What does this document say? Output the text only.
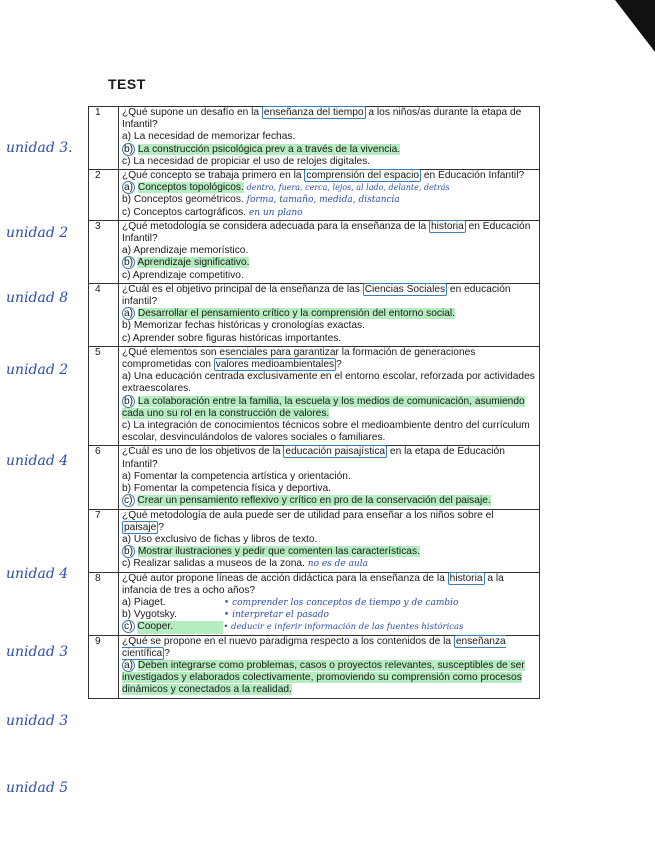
TEST
unidad 3.
unidad 2
unidad 8
unidad 2
unidad 4
unidad 4
unidad 3
unidad 3
unidad 5
1	¿Qué supone un desafío en la enseñanza del tiempo a los niños/as durante la etapa de Infantil?
a) La necesidad de memorizar fechas.
b) La construcción psicológica prev a a través de la vivencia.
c) La necesidad de propiciar el uso de relojes digitales.

2	¿Qué concepto se trabaja primero en la comprensión del espacio en Educación Infantil?
a) Conceptos topológicos. dentro, fuera, cerca, lejos, al lado, delante, detrás
b) Conceptos geométricos. forma, tamaño, medida, distancia
c) Conceptos cartográficos. en un plano

3	¿Qué metodología se considera adecuada para la enseñanza de la historia en Educación Infantil?
a) Aprendizaje memorístico.
b) Aprendizaje significativo.
c) Aprendizaje competitivo.

4	¿Cuál es el objetivo principal de la enseñanza de las Ciencias Sociales en educación infantil?
a) Desarrollar el pensamiento crítico y la comprensión del entorno social.
b) Memorizar fechas históricas y cronologías exactas.
c) Aprender sobre figuras históricas importantes.

5	¿Qué elementos son esenciales para garantizar la formación de generaciones comprometidas con valores medioambientales ?
a) Una educación centrada exclusivamente en el entorno escolar, reforzada por actividades extraescolares.
b) La colaboración entre la familia, la escuela y los medios de comunicación, asumiendo cada uno su rol en la construcción de valores.
c) La integración de conocimientos técnicos sobre el medioambiente dentro del currículum escolar, desvinculándolos de valores sociales o familiares.

6	¿Cuál es uno de los objetivos de la educación paisajística en la etapa de Educación Infantil?
a) Fomentar la competencia artística y orientación.
b) Fomentar la competencia física y deportiva.
c) Crear un pensamiento reflexivo y crítico en pro de la conservación del paisaje.

7	¿Qué metodología de aula puede ser de utilidad para enseñar a los niños sobre el paisaje ?
a) Uso exclusivo de fichas y libros de texto.
b) Mostrar ilustraciones y pedir que comenten las características.
c) Realizar salidas a museos de la zona. no es de aula

8	¿Qué autor propone líneas de acción didáctica para la enseñanza de la historia a la infancia de tres a ocho años?
a) Piaget. • comprender los conceptos de tiempo y de cambio
b) Vygotsky. • interpretar el pasado
c) Cooper. • deducir e inferir información de las fuentes históricas

9	¿Qué se propone en el nuevo paradigma respecto a los contenidos de la enseñanza científica ?
a) Deben integrarse como problemas, casos o proyectos relevantes, susceptibles de ser investigados y elaborados colectivamente, promoviendo su comprensión como procesos dinámicos y conectados a la realidad.
